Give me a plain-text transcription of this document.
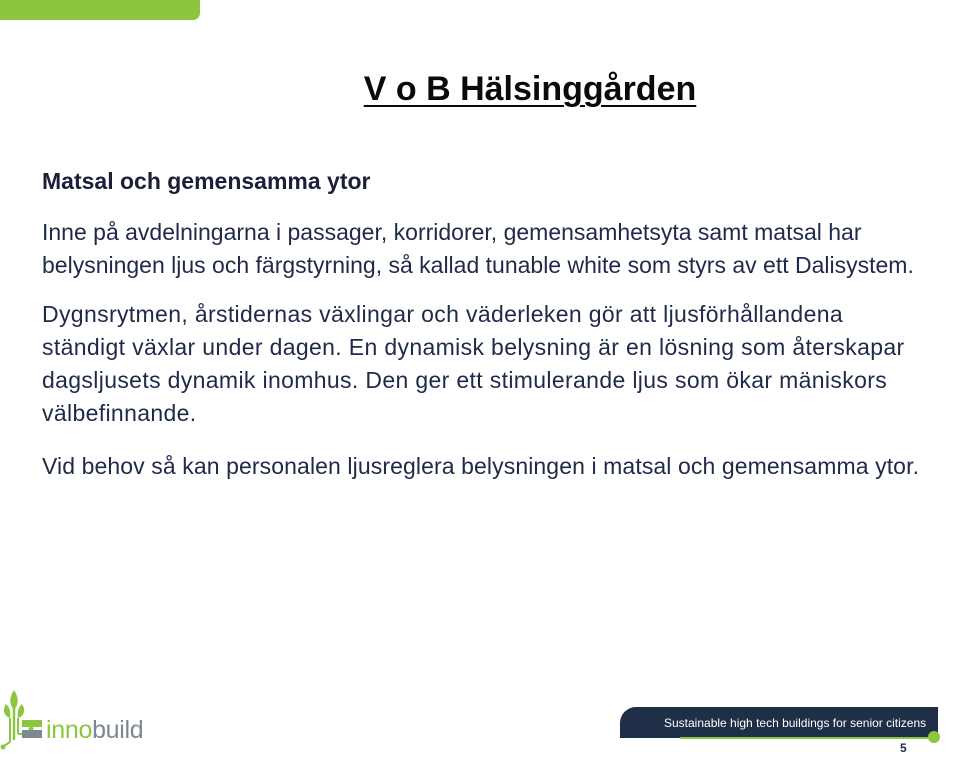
V o B Hälsinggården
Matsal och gemensamma ytor

Inne på avdelningarna i passager, korridorer, gemensamhetsyta samt matsal har belysningen ljus och färgstyrning, så kallad tunable white som styrs av ett Dalisystem.

Dygnsrytmen, årstidernas växlingar och väderleken gör att ljusförhållandena ständigt växlar under dagen. En dynamisk belysning är en lösning som återskapar dagsljusets dynamik inomhus. Den ger ett stimulerande ljus som ökar mäniskors välbefinnande.

Vid behov så kan personalen ljusreglera belysningen i matsal och gemensamma ytor.

innobuild	Sustainable high tech buildings for senior citizens
5
